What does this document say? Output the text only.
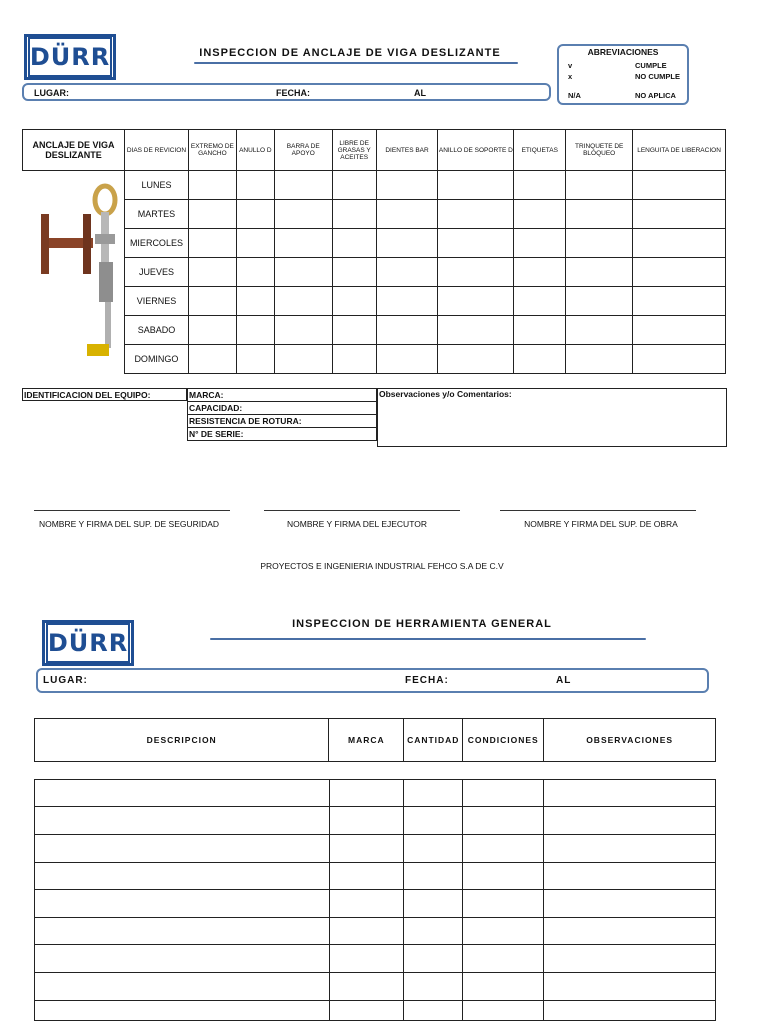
DÜRR	INSPECCION DE ANCLAJE DE VIGA DESLIZANTE	ABREVIACIONES
v	CUMPLE
x	NO CUMPLE
N/A	NO APLICA
LUGAR:	FECHA:	AL
ANCLAJE DE VIGA DESLIZANTE	DIAS DE REVICION	EXTREMO DE GANCHO	ANULLO D	BARRA DE APOYO	LIBRE DE GRASAS Y ACEITES	DIENTES BAR	ANILLO DE SOPORTE D	ETIQUETAS	TRINQUETE DE BLOQUEO	LENGUITA DE LIBERACION
	LUNES									
	MARTES									
	MIERCOLES									
	JUEVES									
	VIERNES									
	SABADO									
	DOMINGO									
IDENTIFICACION DEL EQUIPO:	MARCA:
CAPACIDAD:
RESISTENCIA DE ROTURA:
N° DE SERIE:
Observaciones y/o Comentarios:
NOMBRE Y FIRMA DEL SUP. DE SEGURIDAD	NOMBRE Y FIRMA DEL EJECUTOR	NOMBRE Y FIRMA DEL SUP. DE OBRA
PROYECTOS E INGENIERIA INDUSTRIAL FEHCO S.A DE C.V
DÜRR
INSPECCION DE HERRAMIENTA GENERAL
LUGAR:	FECHA:	AL
DESCRIPCION	MARCA	CANTIDAD	CONDICIONES	OBSERVACIONES
